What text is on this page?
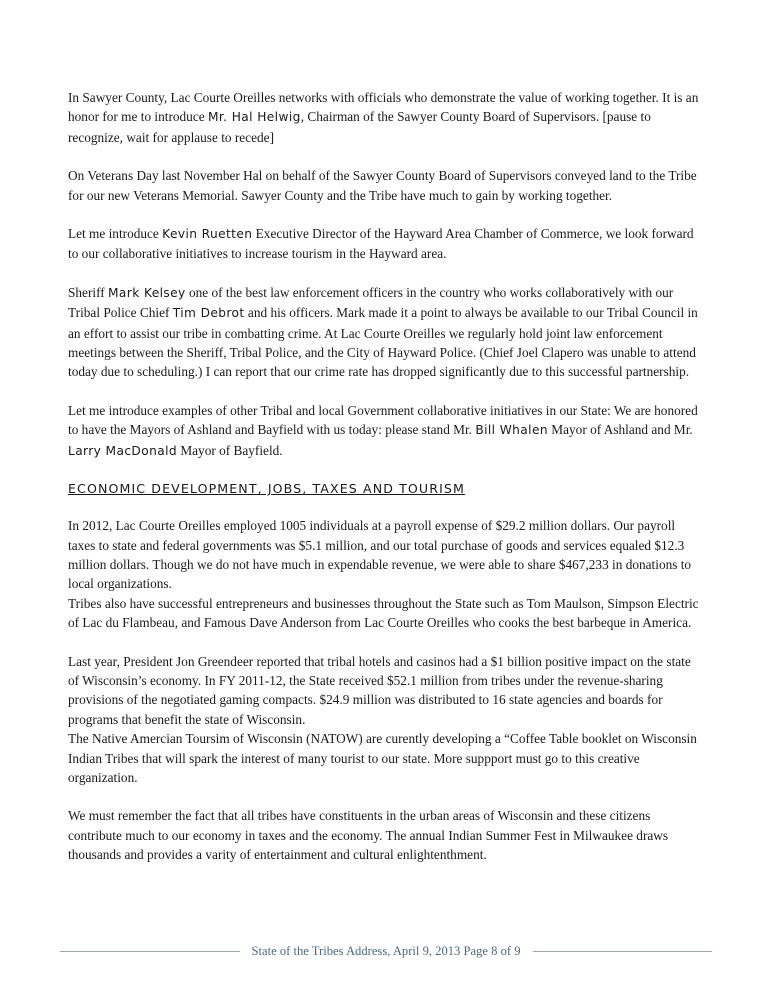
In Sawyer County, Lac Courte Oreilles networks with officials who demonstrate the value of working together. It is an honor for me to introduce Mr. Hal Helwig, Chairman of the Sawyer County Board of Supervisors. [pause to recognize, wait for applause to recede]

On Veterans Day last November Hal on behalf of the Sawyer County Board of Supervisors conveyed land to the Tribe for our new Veterans Memorial. Sawyer County and the Tribe have much to gain by working together.

Let me introduce Kevin Ruetten Executive Director of the Hayward Area Chamber of Commerce, we look forward to our collaborative initiatives to increase tourism in the Hayward area.

Sheriff Mark Kelsey one of the best law enforcement officers in the country who works collaboratively with our Tribal Police Chief Tim Debrot and his officers. Mark made it a point to always be available to our Tribal Council in an effort to assist our tribe in combatting crime. At Lac Courte Oreilles we regularly hold joint law enforcement meetings between the Sheriff, Tribal Police, and the City of Hayward Police. (Chief Joel Clapero was unable to attend today due to scheduling.) I can report that our crime rate has dropped significantly due to this successful partnership.

Let me introduce examples of other Tribal and local Government collaborative initiatives in our State: We are honored to have the Mayors of Ashland and Bayfield with us today: please stand Mr. Bill Whalen Mayor of Ashland and Mr. Larry MacDonald Mayor of Bayfield.

ECONOMIC DEVELOPMENT, JOBS, TAXES AND TOURISM

In 2012, Lac Courte Oreilles employed 1005 individuals at a payroll expense of $29.2 million dollars. Our payroll taxes to state and federal governments was $5.1 million, and our total purchase of goods and services equaled $12.3 million dollars. Though we do not have much in expendable revenue, we were able to share $467,233 in donations to local organizations.

Tribes also have successful entrepreneurs and businesses throughout the State such as Tom Maulson, Simpson Electric of Lac du Flambeau, and Famous Dave Anderson from Lac Courte Oreilles who cooks the best barbeque in America.

Last year, President Jon Greendeer reported that tribal hotels and casinos had a $1 billion positive impact on the state of Wisconsin’s economy. In FY 2011-12, the State received $52.1 million from tribes under the revenue-sharing provisions of the negotiated gaming compacts. $24.9 million was distributed to 16 state agencies and boards for programs that benefit the state of Wisconsin.

The Native Amercian Toursim of Wisconsin (NATOW) are curently developing a “Coffee Table booklet on Wisconsin Indian Tribes that will spark the interest of many tourist to our state. More suppport must go to this creative organization.

We must remember the fact that all tribes have constituents in the urban areas of Wisconsin and these citizens contribute much to our economy in taxes and the economy. The annual Indian Summer Fest in Milwaukee draws thousands and provides a varity of entertainment and cultural enlightenthment.

State of the Tribes Address, April 9, 2013 Page 8 of 9
